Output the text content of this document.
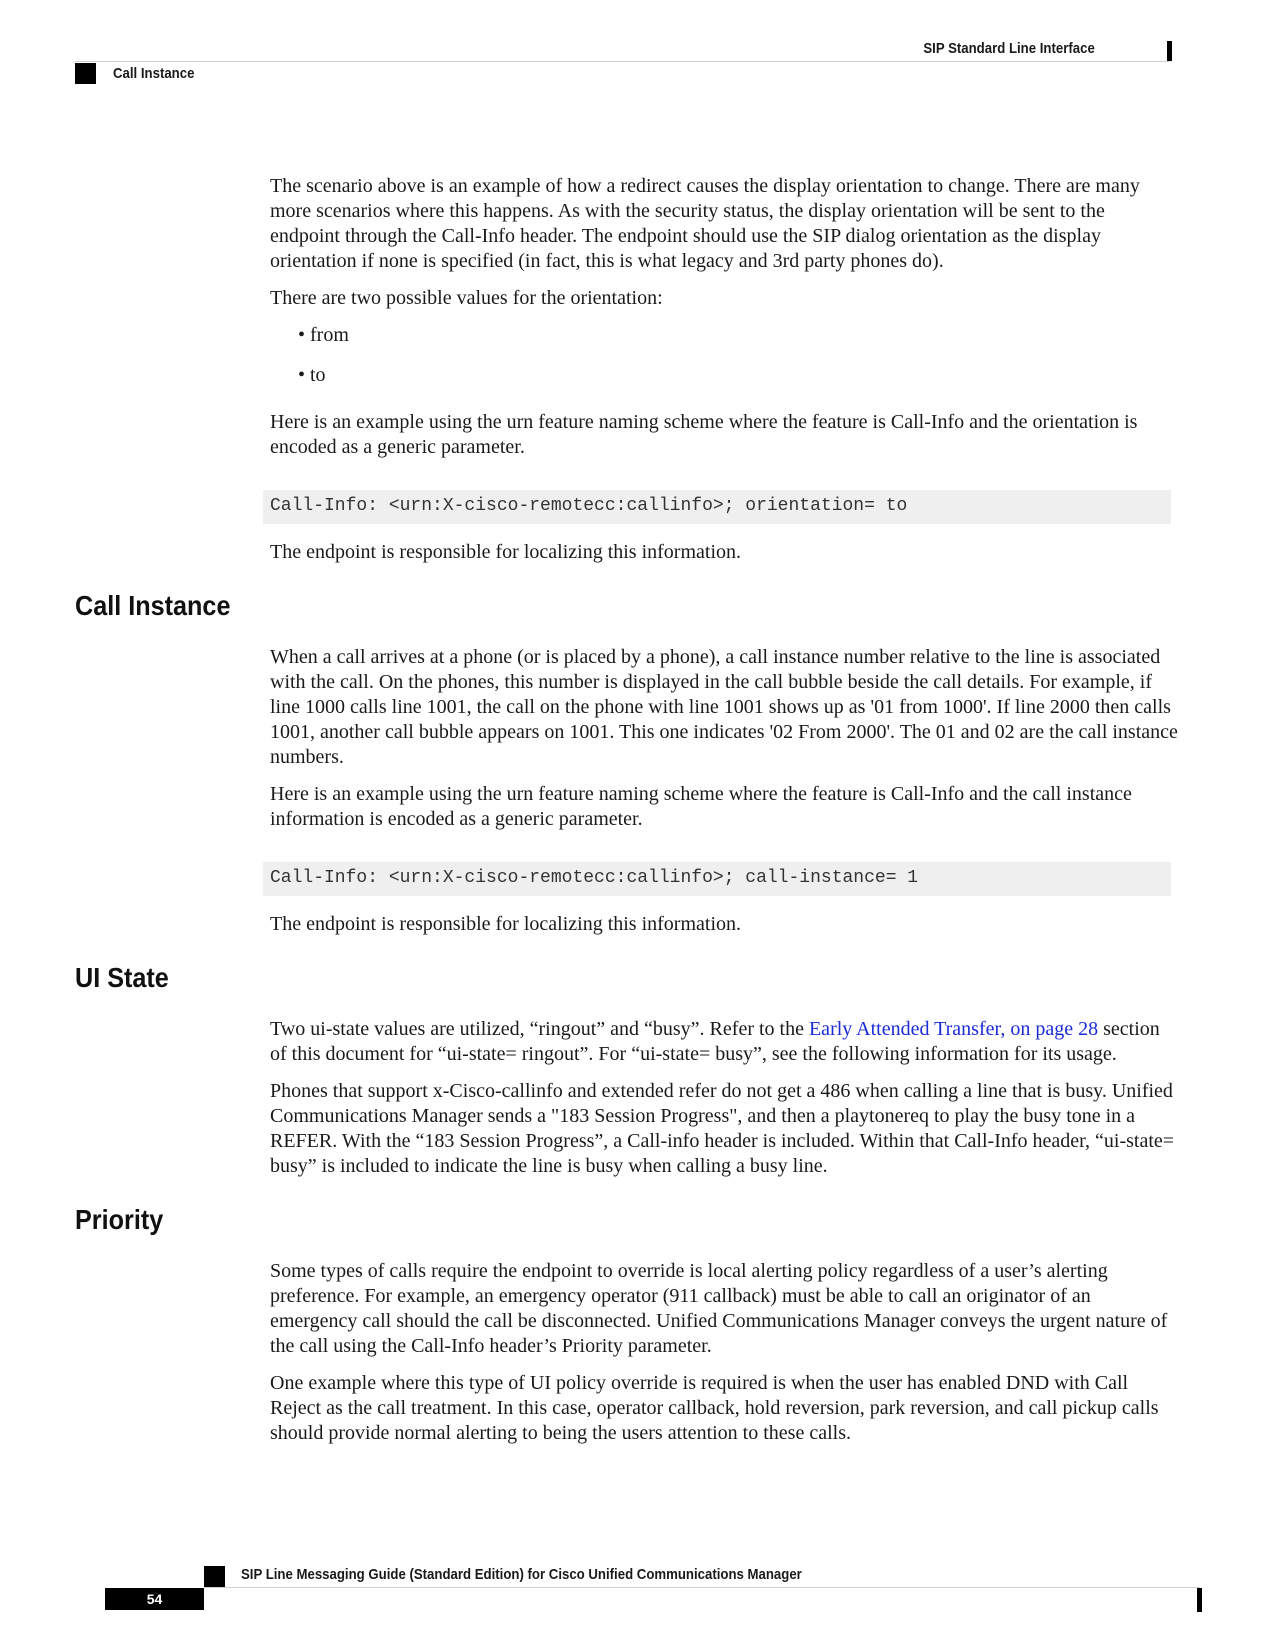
SIP Standard Line Interface
Call Instance

The scenario above is an example of how a redirect causes the display orientation to change. There are many more scenarios where this happens. As with the security status, the display orientation will be sent to the endpoint through the Call-Info header. The endpoint should use the SIP dialog orientation as the display orientation if none is specified (in fact, this is what legacy and 3rd party phones do).

There are two possible values for the orientation:

• from
• to

Here is an example using the urn feature naming scheme where the feature is Call-Info and the orientation is encoded as a generic parameter.

Call-Info: <urn:X-cisco-remotecc:callinfo>; orientation= to

The endpoint is responsible for localizing this information.

Call Instance

When a call arrives at a phone (or is placed by a phone), a call instance number relative to the line is associated with the call. On the phones, this number is displayed in the call bubble beside the call details. For example, if line 1000 calls line 1001, the call on the phone with line 1001 shows up as '01 from 1000'. If line 2000 then calls 1001, another call bubble appears on 1001. This one indicates '02 From 2000'. The 01 and 02 are the call instance numbers.

Here is an example using the urn feature naming scheme where the feature is Call-Info and the call instance information is encoded as a generic parameter.

Call-Info: <urn:X-cisco-remotecc:callinfo>; call-instance= 1

The endpoint is responsible for localizing this information.

UI State

Two ui-state values are utilized, “ringout” and “busy”. Refer to the Early Attended Transfer, on page 28 section of this document for “ui-state= ringout”. For “ui-state= busy”, see the following information for its usage.

Phones that support x-Cisco-callinfo and extended refer do not get a 486 when calling a line that is busy. Unified Communications Manager sends a "183 Session Progress", and then a playtonereq to play the busy tone in a REFER. With the “183 Session Progress”, a Call-info header is included. Within that Call-Info header, “ui-state= busy” is included to indicate the line is busy when calling a busy line.

Priority

Some types of calls require the endpoint to override is local alerting policy regardless of a user’s alerting preference. For example, an emergency operator (911 callback) must be able to call an originator of an emergency call should the call be disconnected. Unified Communications Manager conveys the urgent nature of the call using the Call-Info header’s Priority parameter.

One example where this type of UI policy override is required is when the user has enabled DND with Call Reject as the call treatment. In this case, operator callback, hold reversion, park reversion, and call pickup calls should provide normal alerting to being the users attention to these calls.

SIP Line Messaging Guide (Standard Edition) for Cisco Unified Communications Manager
54
